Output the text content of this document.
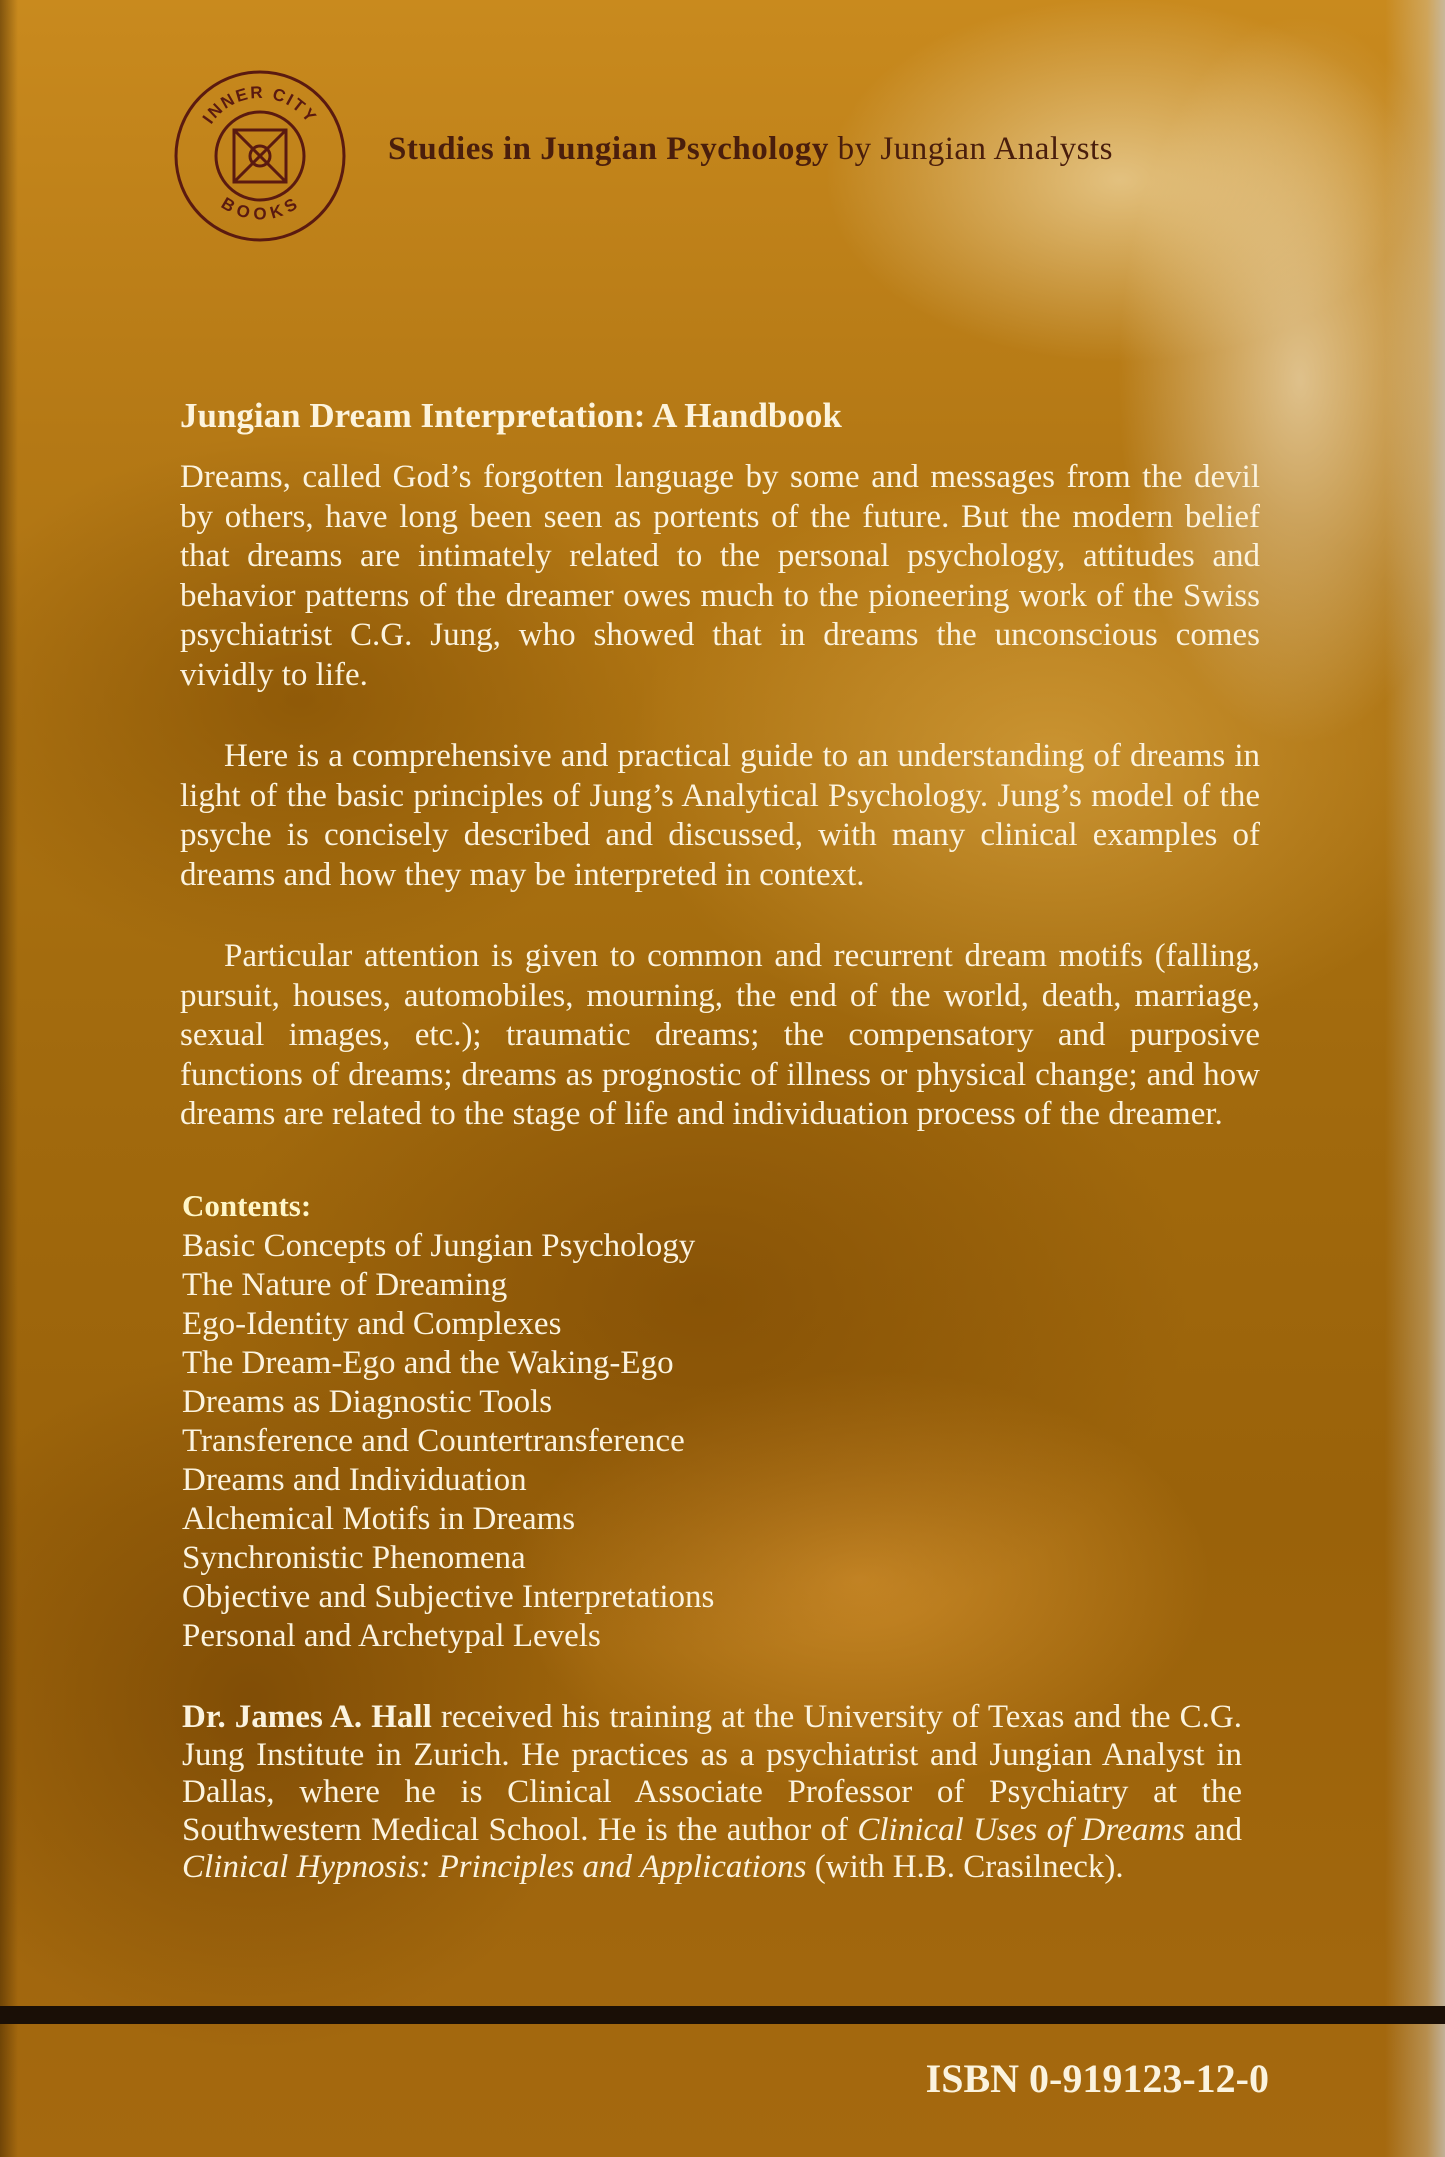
INNER CITY
BOOKS
Studies in Jungian Psychology by Jungian Analysts
Jungian Dream Interpretation: A Handbook

Dreams, called God’s forgotten language by some and messages from the devil by others, have long been seen as portents of the future. But the modern belief that dreams are intimately related to the personal psychology, attitudes and behavior patterns of the dreamer owes much to the pioneering work of the Swiss psychiatrist C.G. Jung, who showed that in dreams the unconscious comes vividly to life.

Here is a comprehensive and practical guide to an understanding of dreams in light of the basic principles of Jung’s Analytical Psychology. Jung’s model of the psyche is concisely described and discussed, with many clinical examples of dreams and how they may be interpreted in context.

Particular attention is given to common and recurrent dream motifs (falling, pursuit, houses, automobiles, mourning, the end of the world, death, marriage, sexual images, etc.); traumatic dreams; the compensatory and purposive functions of dreams; dreams as prognostic of illness or physical change; and how dreams are related to the stage of life and individuation process of the dreamer.

Contents:
Basic Concepts of Jungian Psychology
The Nature of Dreaming
Ego-Identity and Complexes
The Dream-Ego and the Waking-Ego
Dreams as Diagnostic Tools
Transference and Countertransference
Dreams and Individuation
Alchemical Motifs in Dreams
Synchronistic Phenomena
Objective and Subjective Interpretations
Personal and Archetypal Levels

Dr. James A. Hall received his training at the University of Texas and the C.G. Jung Institute in Zurich. He practices as a psychiatrist and Jungian Analyst in Dallas, where he is Clinical Associate Professor of Psychiatry at the Southwestern Medical School. He is the author of Clinical Uses of Dreams and Clinical Hypnosis: Principles and Applications (with H.B. Crasilneck).

ISBN 0-919123-12-0
